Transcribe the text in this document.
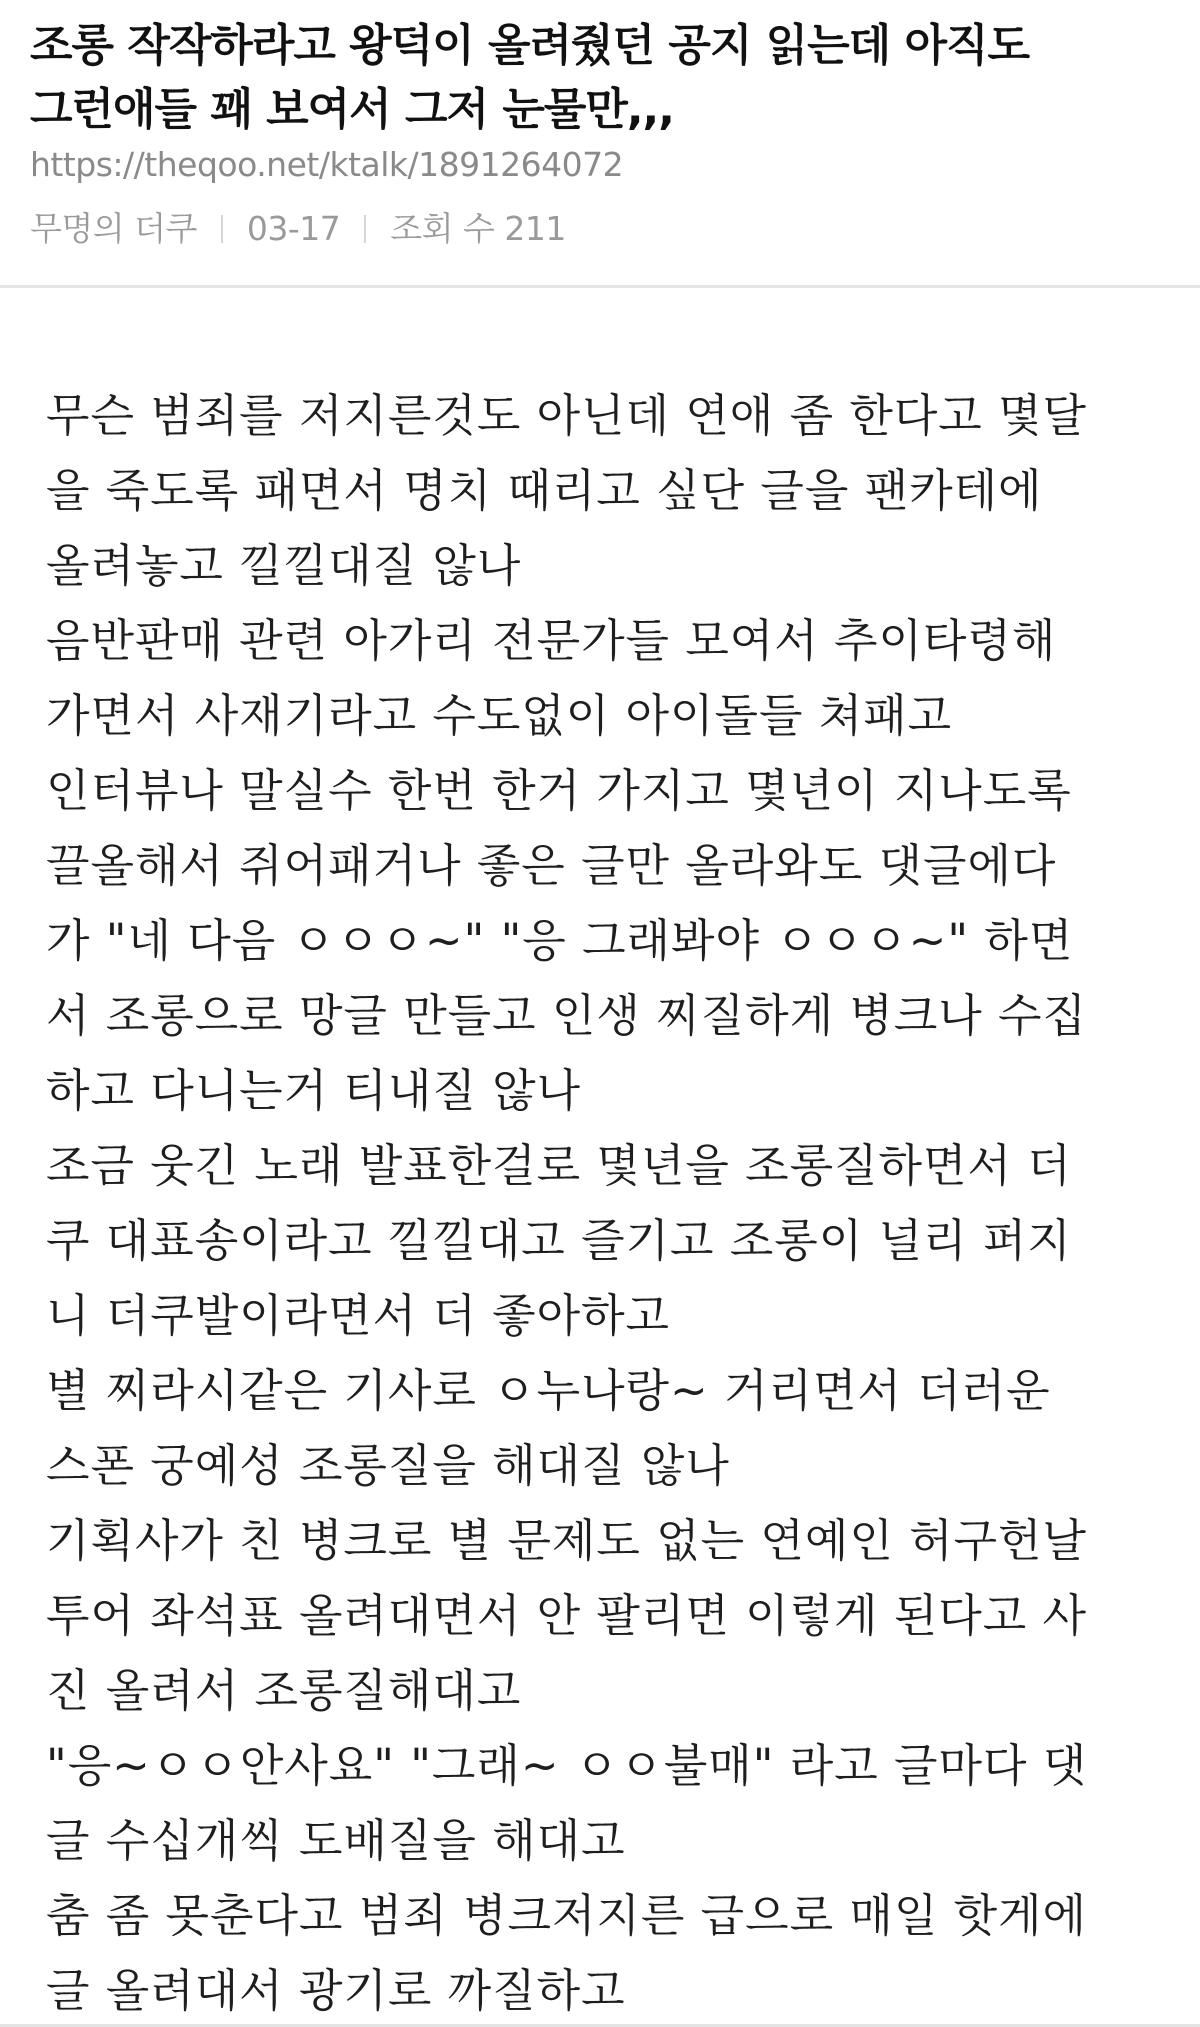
조롱 작작하라고 왕덕이 올려줬던 공지 읽는데 아직도 그런애들 꽤 보여서 그저 눈물만,,,
https://theqoo.net/ktalk/1891264072
무명의 더쿠 03-17 조회 수 211
무슨 범죄를 저지른것도 아닌데 연애 좀 한다고 몇달
을 죽도록 패면서 명치 때리고 싶단 글을 팬카테에
올려놓고 낄낄대질 않나
음반판매 관련 아가리 전문가들 모여서 추이타령해
가면서 사재기라고 수도없이 아이돌들 쳐패고
인터뷰나 말실수 한번 한거 가지고 몇년이 지나도록
끌올해서 쥐어패거나 좋은 글만 올라와도 댓글에다
가 "네 다음 ㅇㅇㅇ~" "응 그래봐야 ㅇㅇㅇ~" 하면
서 조롱으로 망글 만들고 인생 찌질하게 병크나 수집
하고 다니는거 티내질 않나
조금 웃긴 노래 발표한걸로 몇년을 조롱질하면서 더
쿠 대표송이라고 낄낄대고 즐기고 조롱이 널리 퍼지
니 더쿠발이라면서 더 좋아하고
별 찌라시같은 기사로 ㅇ누나랑~ 거리면서 더러운
스폰 궁예성 조롱질을 해대질 않나
기획사가 친 병크로 별 문제도 없는 연예인 허구헌날
투어 좌석표 올려대면서 안 팔리면 이렇게 된다고 사
진 올려서 조롱질해대고
"응~ㅇㅇ안사요" "그래~ ㅇㅇ불매" 라고 글마다 댓
글 수십개씩 도배질을 해대고
춤 좀 못춘다고 범죄 병크저지른 급으로 매일 핫게에
글 올려대서 광기로 까질하고
